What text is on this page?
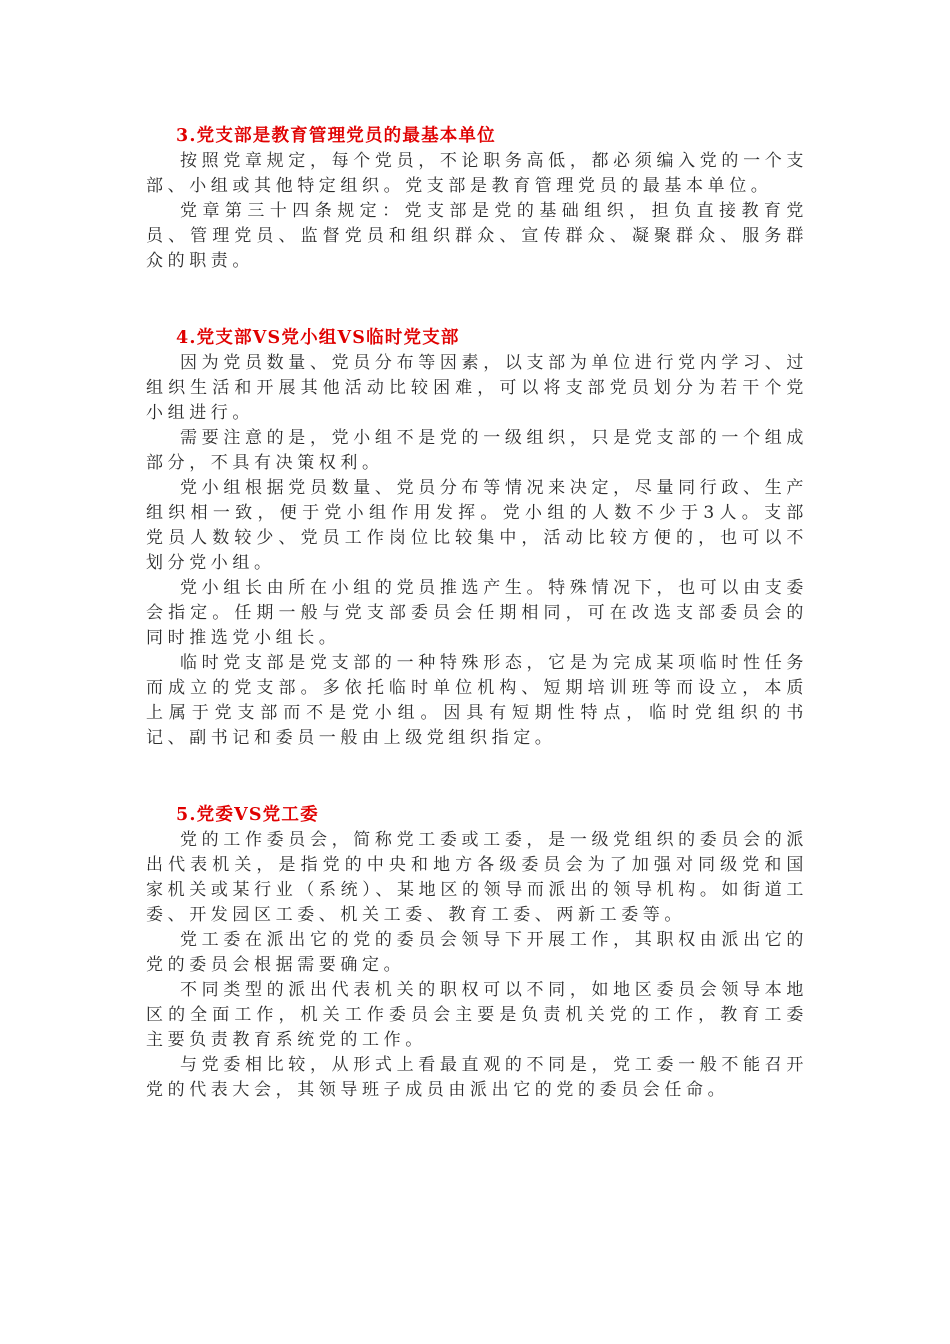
3.党支部是教育管理党员的最基本单位

按照党章规定，每个党员，不论职务高低，都必须编入党的一个支部、小组或其他特定组织。党支部是教育管理党员的最基本单位。

党章第三十四条规定：党支部是党的基础组织，担负直接教育党员、管理党员、监督党员和组织群众、宣传群众、凝聚群众、服务群众的职责。

4.党支部VS党小组VS临时党支部

因为党员数量、党员分布等因素，以支部为单位进行党内学习、过组织生活和开展其他活动比较困难，可以将支部党员划分为若干个党小组进行。

需要注意的是，党小组不是党的一级组织，只是党支部的一个组成部分，不具有决策权利。

党小组根据党员数量、党员分布等情况来决定，尽量同行政、生产组织相一致，便于党小组作用发挥。党小组的人数不少于3人。支部党员人数较少、党员工作岗位比较集中，活动比较方便的，也可以不划分党小组。

党小组长由所在小组的党员推选产生。特殊情况下，也可以由支委会指定。任期一般与党支部委员会任期相同，可在改选支部委员会的同时推选党小组长。

临时党支部是党支部的一种特殊形态，它是为完成某项临时性任务而成立的党支部。多依托临时单位机构、短期培训班等而设立，本质上属于党支部而不是党小组。因具有短期性特点，临时党组织的书记、副书记和委员一般由上级党组织指定。

5.党委VS党工委

党的工作委员会，简称党工委或工委，是一级党组织的委员会的派出代表机关，是指党的中央和地方各级委员会为了加强对同级党和国家机关或某行业（系统）、某地区的领导而派出的领导机构。如街道工委、开发园区工委、机关工委、教育工委、两新工委等。

党工委在派出它的党的委员会领导下开展工作，其职权由派出它的党的委员会根据需要确定。

不同类型的派出代表机关的职权可以不同，如地区委员会领导本地区的全面工作，机关工作委员会主要是负责机关党的工作，教育工委主要负责教育系统党的工作。

与党委相比较，从形式上看最直观的不同是，党工委一般不能召开党的代表大会，其领导班子成员由派出它的党的委员会任命。
